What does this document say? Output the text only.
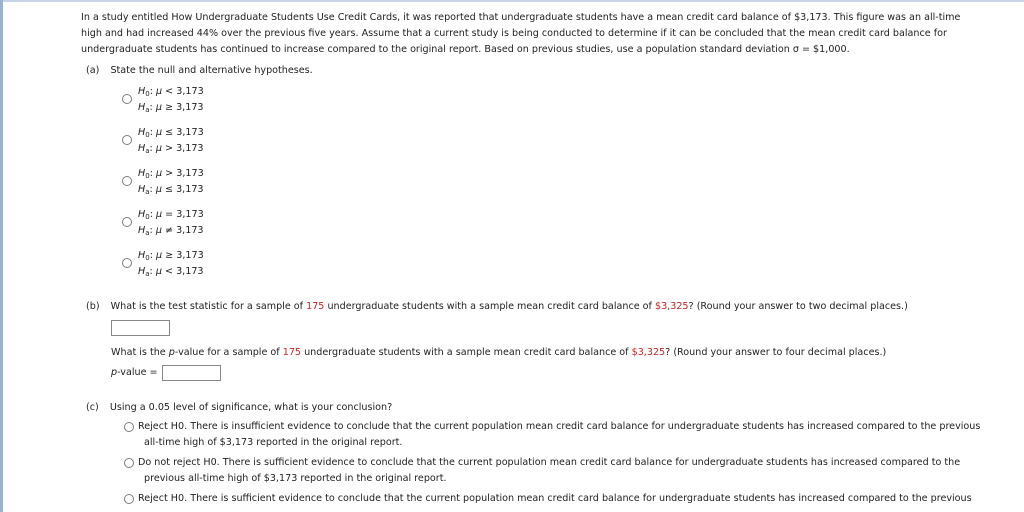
In a study entitled How Undergraduate Students Use Credit Cards, it was reported that undergraduate students have a mean credit card balance of $3,173. This figure was an all-time
high and had increased 44% over the previous five years. Assume that a current study is being conducted to determine if it can be concluded that the mean credit card balance for
undergraduate students has continued to increase compared to the original report. Based on previous studies, use a population standard deviation σ = $1,000.
(a) State the null and alternative hypotheses.
$H_0$: μ < 3,173
$H_a$: μ ≥ 3,173
$H_0$: μ ≤ 3,173
$H_a$: μ > 3,173
$H_0$: μ > 3,173
$H_a$: μ ≤ 3,173
$H_0$: μ = 3,173
$H_a$: μ ≠ 3,173
$H_0$: μ ≥ 3,173
$H_a$: μ < 3,173
(b) What is the test statistic for a sample of 175 undergraduate students with a sample mean credit card balance of $3,325? (Round your answer to two decimal places.)
What is the p-value for a sample of 175 undergraduate students with a sample mean credit card balance of $3,325? (Round your answer to four decimal places.)
p-value =
(c) Using a 0.05 level of significance, what is your conclusion?
Reject H0. There is insufficient evidence to conclude that the current population mean credit card balance for undergraduate students has increased compared to the previous
all-time high of $3,173 reported in the original report.
Do not reject H0. There is sufficient evidence to conclude that the current population mean credit card balance for undergraduate students has increased compared to the
previous all-time high of $3,173 reported in the original report.
Reject H0. There is sufficient evidence to conclude that the current population mean credit card balance for undergraduate students has increased compared to the previous
